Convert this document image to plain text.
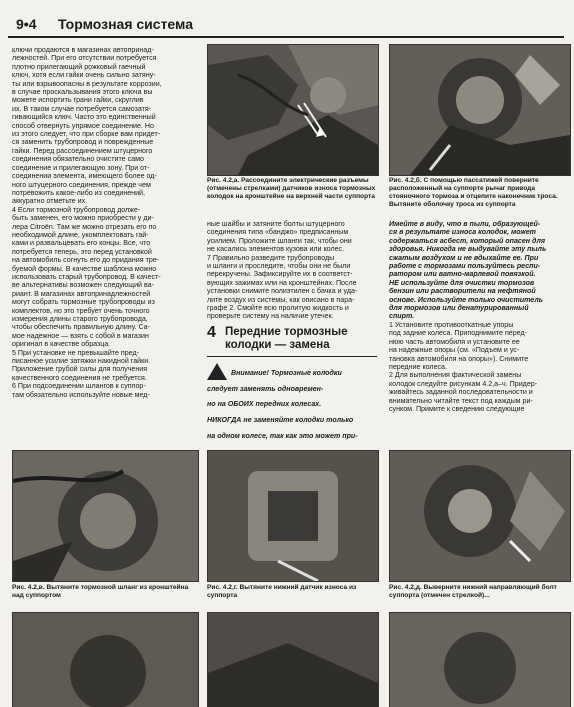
9•4 Тормозная система

ключи продаются в магазинах автопринад-

лежностей. При его отсутствии потребуется

плотно прилегающий рожковый гаечный

ключ, хотя если гайки очень сильно затяну-

ты или взрывоопасны в результате коррозии,

в случае проскальзывания этого ключа вы

можете испортить грани гайки, скруглив

их. В таком случае потребуется самозатя-

гивающийся ключ. Часто это единственный

способ отвернуть упрямое соединение. Но

из этого следует, что при сборке вам придет-

ся заменить трубопровод и поврежденные

гайки. Перед рассоединением штуцерного

соединения обязательно очистите само

соединение и прилегающую зону. При от-

соединении элемента, имеющего более од-

ного штуцерного соединения, прежде чем

потревожить какое-либо из соединений,

аккуратно отметьте их.

4 Если тормозной трубопровод долже-

быть заменен, его можно приобрести у ди-

лера Citroën. Там же можно отрезать его по

необходимой длине, укомплектовать гай-

ками и развальцевать его концы. Все, что

потребуется теперь, это перед установкой

на автомобиль согнуть его до придания тре-

буемой формы. В качестве шаблона можно

использовать старый трубопровод. В качест-

ве альтернативы возможен следующий ва-

риант. В магазинах автопринадлежностей

могут собрать тормозные трубопроводы из

комплектов, но это требует очень точного

измерения длины старого трубопровода,

чтобы обеспечить правильную длину. Са-

мое надежное — взять с собой в магазин

оригинал в качестве образца.

5 При установке не превышайте пред-

писанное усилие затяжки накидной гайки.

Приложение грубой силы для получения

качественного соединения не требуется.

6 При подсоединении шлангов к суппор-

там обязательно используйте новые мед-

Рис. 4.2,а. Рассоедините электрические разъемы (отмечены стрелками) датчиков износа тормозных колодок на кронштейне на верхней части суппорта
Рис. 4.2,б. С помощью пассатижей поверните расположенный на суппорте рычаг привода стояночного тормоза и отцепите наконечник троса. Вытяните оболочку троса из суппорта

ные шайбы и затяните болты штуцерного

соединения типа «банджо» предписанным

усилием. Проложите шланги так, чтобы они

не касались элементов кузова или колес.

7 Правильно разведите трубопроводы

и шланги и проследите, чтобы они не были

перекручены. Зафиксируйте их в соответст-

вующих зажимах или на кронштейнах. После

установки снимите полиэтилен с бачка и уда-

лите воздух из системы, как описано в пара-

графе 2. Смойте всю пролитую жидкость и

проверьте систему на наличие утечек.

4 Передние тормозные
колодки — замена

Внимание! Тормозные колодки

следует заменять одновремен-

но на ОБОИХ передних колесах.

НИКОГДА не заменяйте колодки только

на одном колесе, так как это может при-

Имейте в виду, что в пыли, образующей-

ся в результате износа колодок, может

содержаться асбест, который опасен для

здоровья. Никогда не выдувайте эту пыль

сжатым воздухом и не вдыхайте ее. При

работе с тормозами пользуйтесь респи-

ратором или ватно-марлевой повязкой.

НЕ используйте для очистки тормозов

бензин или растворители на нефтяной

основе. Используйте только очиститель

для тормозов или денатурированный

спирт.

1 Установите противооткатные упоры

под задние колеса. Приподнимите перед-

нюю часть автомобиля и установите ее

на надежные опоры (см. «Подъем и ус-

тановка автомобиля на опоры»). Снимите

передние колеса.

2 Для выполнения фактической замены

колодок следуйте рисункам 4.2,а–ч. Придер-

живайтесь заданной последовательности и

внимательно читайте текст под каждым ри-

сунком. Примите к сведению следующие

Рис. 4.2,в. Вытяните тормозной шланг из кронштейна над суппортом
Рис. 4.2,г. Вытяните нижний датчик износа из суппорта
Рис. 4.2,д. Выверните нижний направляющий болт суппорта (отмечен стрелкой)...
